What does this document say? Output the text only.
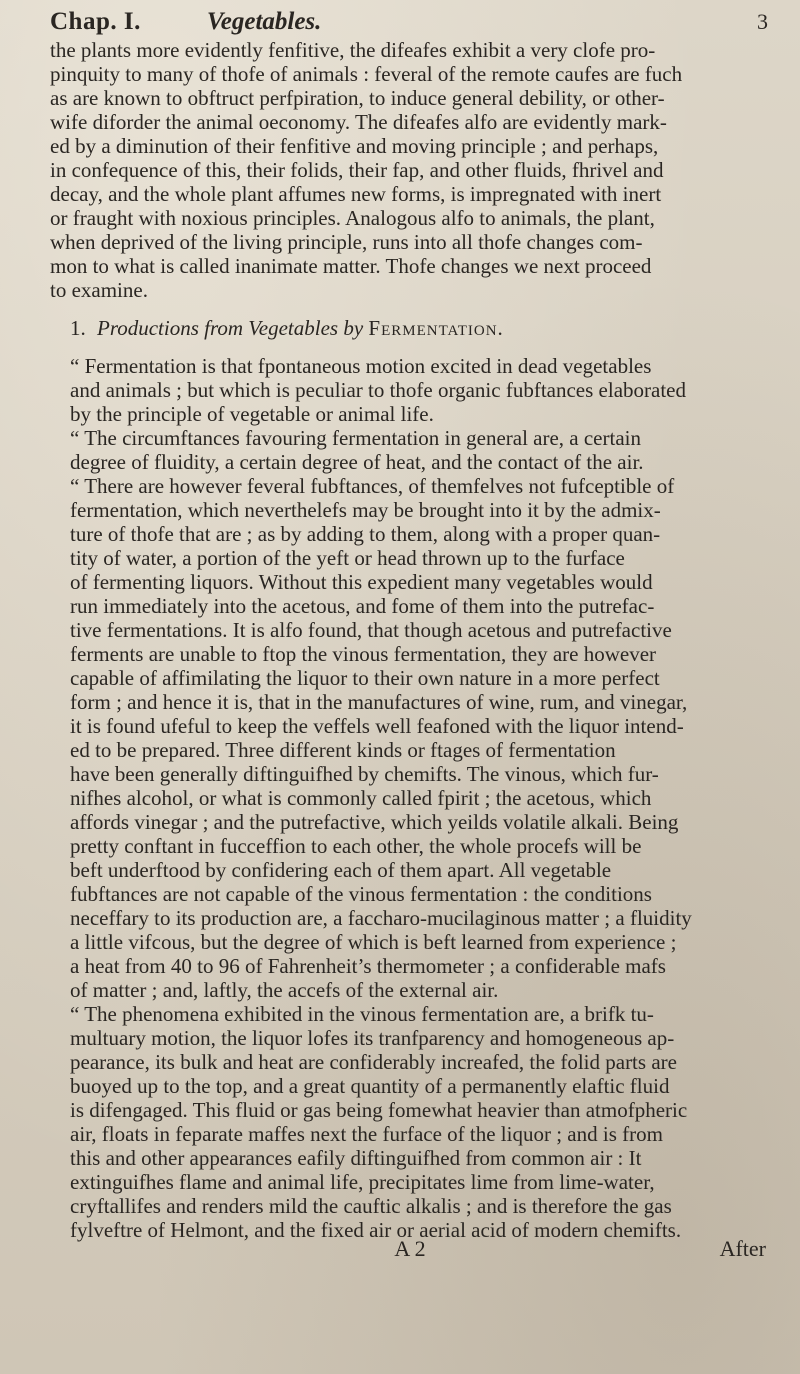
Chap. I.	Vegetables.	3
the plants more evidently fenfitive, the difeafes exhibit a very clofe pro-
pinquity to many of thofe of animals : feveral of the remote caufes are fuch
as are known to obftruct perfpiration, to induce general debility, or other-
wife diforder the animal oeconomy. The difeafes alfo are evidently mark-
ed by a diminution of their fenfitive and moving principle ; and perhaps,
in confequence of this, their folids, their fap, and other fluids, fhrivel and
decay, and the whole plant affumes new forms, is impregnated with inert
or fraught with noxious principles. Analogous alfo to animals, the plant,
when deprived of the living principle, runs into all thofe changes com-
mon to what is called inanimate matter. Thofe changes we next proceed
to examine.
1. Productions from Vegetables by Fermentation.
“ Fermentation is that fpontaneous motion excited in dead vegetables
and animals ; but which is peculiar to thofe organic fubftances elaborated
by the principle of vegetable or animal life.
“ The circumftances favouring fermentation in general are, a certain
degree of fluidity, a certain degree of heat, and the contact of the air.
“ There are however feveral fubftances, of themfelves not fufceptible of
fermentation, which neverthelefs may be brought into it by the admix-
ture of thofe that are ; as by adding to them, along with a proper quan-
tity of water, a portion of the yeft or head thrown up to the furface
of fermenting liquors. Without this expedient many vegetables would
run immediately into the acetous, and fome of them into the putrefac-
tive fermentations. It is alfo found, that though acetous and putrefactive
ferments are unable to ftop the vinous fermentation, they are however
capable of affimilating the liquor to their own nature in a more perfect
form ; and hence it is, that in the manufactures of wine, rum, and vinegar,
it is found ufeful to keep the veffels well feafoned with the liquor intend-
ed to be prepared. Three different kinds or ftages of fermentation
have been generally diftinguifhed by chemifts. The vinous, which fur-
nifhes alcohol, or what is commonly called fpirit ; the acetous, which
affords vinegar ; and the putrefactive, which yeilds volatile alkali. Being
pretty conftant in fucceffion to each other, the whole procefs will be
beft underftood by confidering each of them apart. All vegetable
fubftances are not capable of the vinous fermentation : the conditions
neceffary to its production are, a faccharo-mucilaginous matter ; a fluidity
a little vifcous, but the degree of which is beft learned from experience ;
a heat from 40 to 96 of Fahrenheit’s thermometer ; a confiderable mafs
of matter ; and, laftly, the accefs of the external air.
“ The phenomena exhibited in the vinous fermentation are, a brifk tu-
multuary motion, the liquor lofes its tranfparency and homogeneous ap-
pearance, its bulk and heat are confiderably increafed, the folid parts are
buoyed up to the top, and a great quantity of a permanently elaftic fluid
is difengaged. This fluid or gas being fomewhat heavier than atmofpheric
air, floats in feparate maffes next the furface of the liquor ; and is from
this and other appearances eafily diftinguifhed from common air : It
extinguifhes flame and animal life, precipitates lime from lime-water,
cryftallifes and renders mild the cauftic alkalis ; and is therefore the gas
fylveftre of Helmont, and the fixed air or aerial acid of modern chemifts.
A 2	After
